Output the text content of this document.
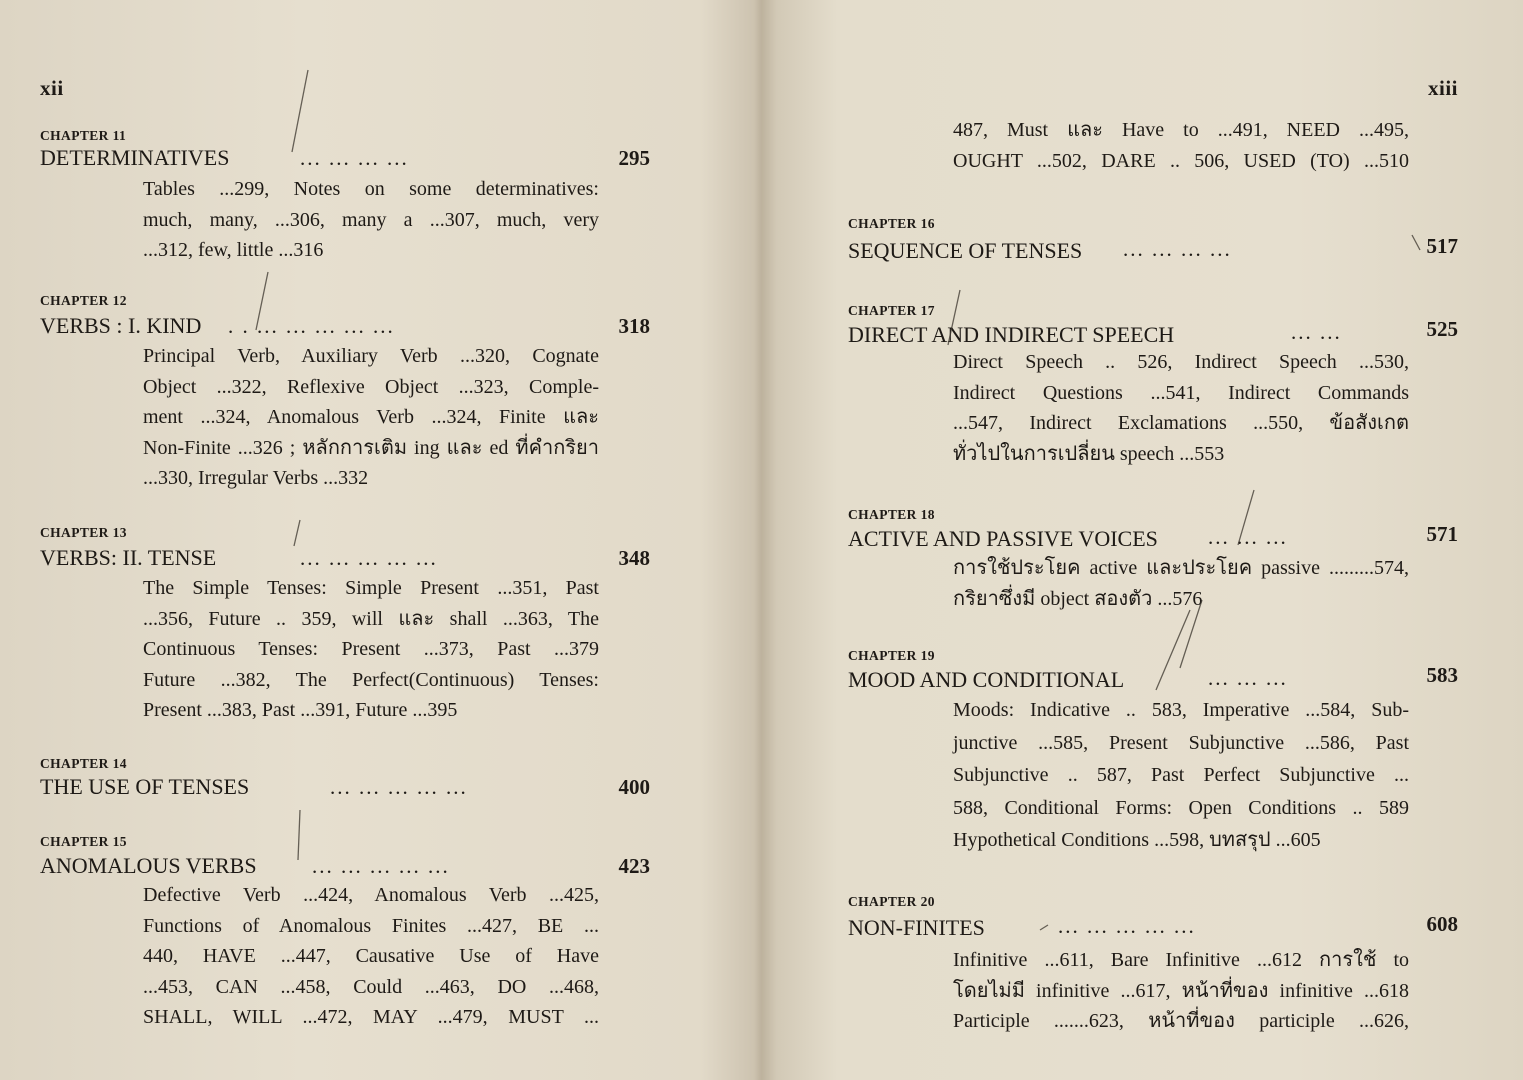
xii
CHAPTER 11
DETERMINATIVES	... ... ... ...	295
Tables ...299, Notes on some determinatives:
much, many, ...306, many a ...307, much, very
...312, few, little ...316
CHAPTER 12
VERBS : I. KIND . . ... ... ... ... ...	318
Principal Verb, Auxiliary Verb ...320, Cognate
Object ...322, Reflexive Object ...323, Comple-
ment ...324, Anomalous Verb ...324, Finite และ
Non-Finite ...326 ; หลักการเติม ing และ ed ที่คำกริยา
...330, Irregular Verbs ...332
CHAPTER 13
VERBS: II. TENSE	... ... ... ... ...	348
The Simple Tenses: Simple Present ...351, Past
...356, Future .. 359, will และ shall ...363, The
Continuous Tenses: Present ...373, Past ...379
Future ...382, The Perfect(Continuous) Tenses:
Present ...383, Past ...391, Future ...395
CHAPTER 14
THE USE OF TENSES	... ... ... ... ...	400
CHAPTER 15
ANOMALOUS VERBS	... ... ... ... ...	423
Defective Verb ...424, Anomalous Verb ...425,
Functions of Anomalous Finites ...427, BE ...
440, HAVE ...447, Causative Use of Have
...453, CAN ...458, Could ...463, DO ...468,
SHALL, WILL ...472, MAY ...479, MUST ...
xiii
487, Must และ Have to ...491, NEED ...495,
OUGHT ...502, DARE .. 506, USED (TO) ...510
CHAPTER 16
SEQUENCE OF TENSES ... ... ... ...	517
CHAPTER 17
DIRECT AND INDIRECT SPEECH	... ...	525
Direct Speech .. 526, Indirect Speech ...530,
Indirect Questions ...541, Indirect Commands
...547, Indirect Exclamations ...550, ข้อสังเกต
ทั่วไปในการเปลี่ยน speech ...553
CHAPTER 18
ACTIVE AND PASSIVE VOICES ... ... ...	571
การใช้ประโยค active และประโยค passive .........574,
กริยาซึ่งมี object สองตัว ...576
CHAPTER 19
MOOD AND CONDITIONAL	... ... ...	583
Moods: Indicative .. 583, Imperative ...584, Sub-
junctive ...585, Present Subjunctive ...586, Past
Subjunctive .. 587, Past Perfect Subjunctive ...
588, Conditional Forms: Open Conditions .. 589
Hypothetical Conditions ...598, บทสรุป ...605
CHAPTER 20
NON-FINITES	... ... ... ... ...	608
Infinitive ...611, Bare Infinitive ...612 การใช้ to
โดยไม่มี infinitive ...617, หน้าที่ของ infinitive ...618
Participle .......623, หน้าที่ของ participle ...626,
